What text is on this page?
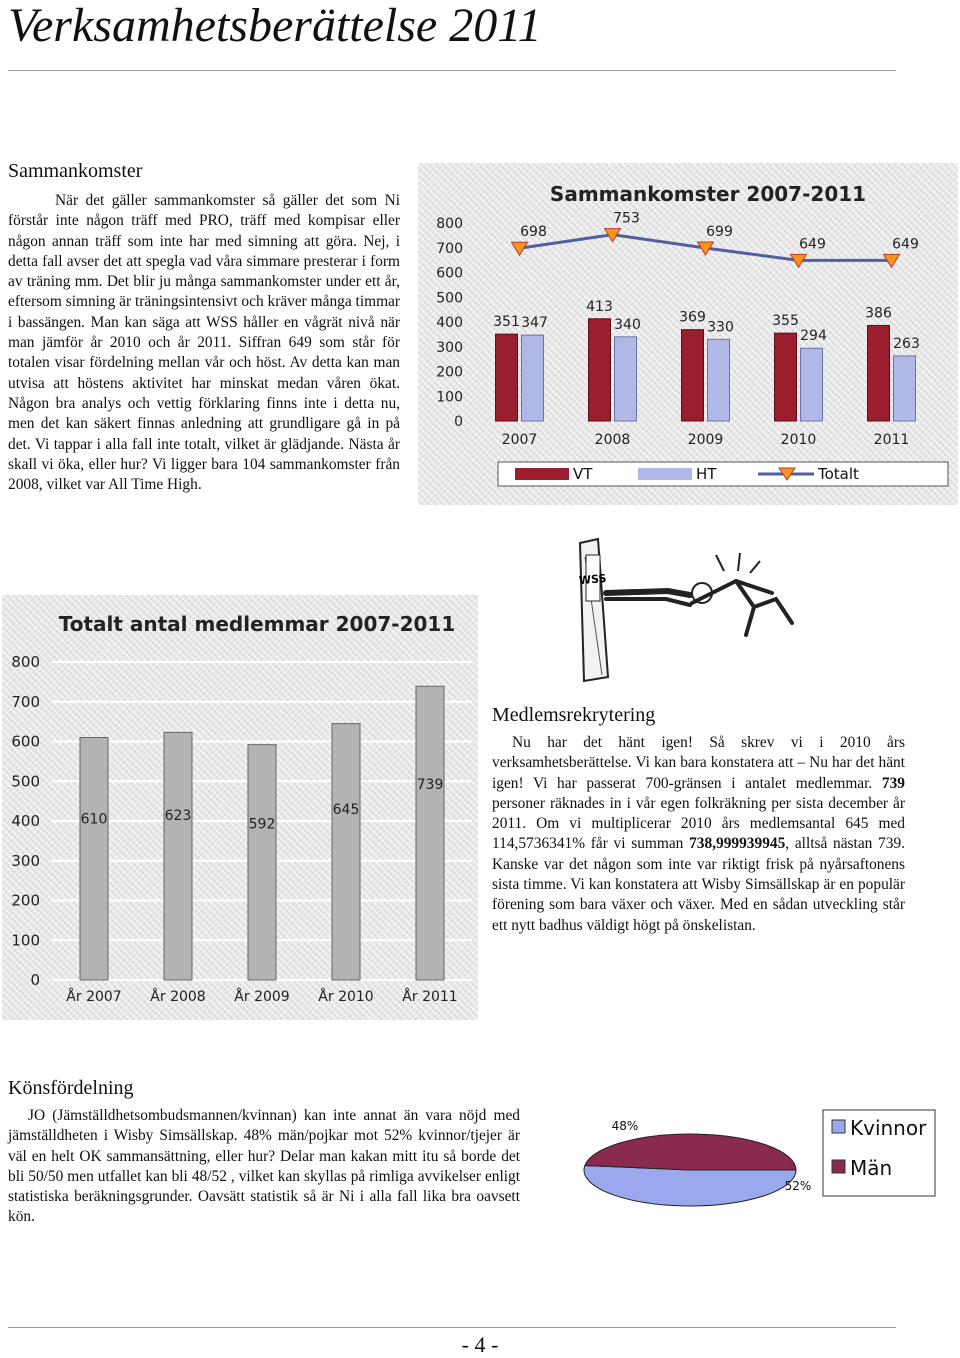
Verksamhetsberättelse 2011
Sammankomster
När det gäller sammankomster så gäller det som Ni förstår inte någon träff med PRO, träff med kompisar eller någon annan träff som inte har med simning att göra. Nej, i detta fall avser det att spegla vad våra simmare presterar i form av träning mm. Det blir ju många sammankomster under ett år, eftersom simning är träningsintensivt och kräver många timmar i bassängen. Man kan säga att WSS håller en vågrät nivå när man jämför år 2010 och år 2011. Siffran 649 som står för totalen visar fördelning mellan vår och höst. Av detta kan man utvisa att höstens aktivitet har minskat medan våren ökat. Någon bra analys och vettig förklaring finns inte i detta nu, men det kan säkert finnas anledning att grundligare gå in på det. Vi tappar i alla fall inte totalt, vilket är glädjande. Nästa år skall vi öka, eller hur? Vi ligger bara 104 sammankomster från 2008, vilket var All Time High.
Sammankomster 2007-2011
351 347
698
413
340
753
369
330
699
355
294
649
386
263
649
0
100
200
300
400
500
600
700
800
2007	2008	2009	2010	2011
VT	HT	Totalt
WSS
Totalt antal medlemmar 2007-2011
610	623
592
645
739
0
100
200
300
400
500
600
700
800
År 2007 År 2008 År 2009 År 2010 År 2011
Medlemsrekrytering
Nu har det hänt igen! Så skrev vi i 2010 års verksamhetsberättelse. Vi kan bara konstatera att – Nu har det hänt igen! Vi har passerat 700-gränsen i antalet medlemmar. 739 personer räknades in i vår egen folkräkning per sista december år 2011. Om vi multiplicerar 2010 års medlemsantal 645 med 114,5736341% får vi summan 738,999939945, alltså nästan 739. Kanske var det någon som inte var riktigt frisk på nyårsaftonens sista timme. Vi kan konstatera att Wisby Simsällskap är en populär förening som bara växer och växer. Med en sådan utveckling står ett nytt badhus väldigt högt på önskelistan.
Könsfördelning
JO (Jämställdhetsombudsmannen/kvinnan) kan inte annat än vara nöjd med jämställdheten i Wisby Simsällskap. 48% män/pojkar mot 52% kvinnor/tjejer är väl en helt OK sammansättning, eller hur? Delar man kakan mitt itu så borde det bli 50/50 men utfallet kan bli 48/52 , vilket kan skyllas på rimliga avvikelser enligt statistiska beräkningsgrunder. Oavsätt statistik så är Ni i alla fall lika bra oavsett kön.
52%
48%	Kvinnor
Män
- 4 -
